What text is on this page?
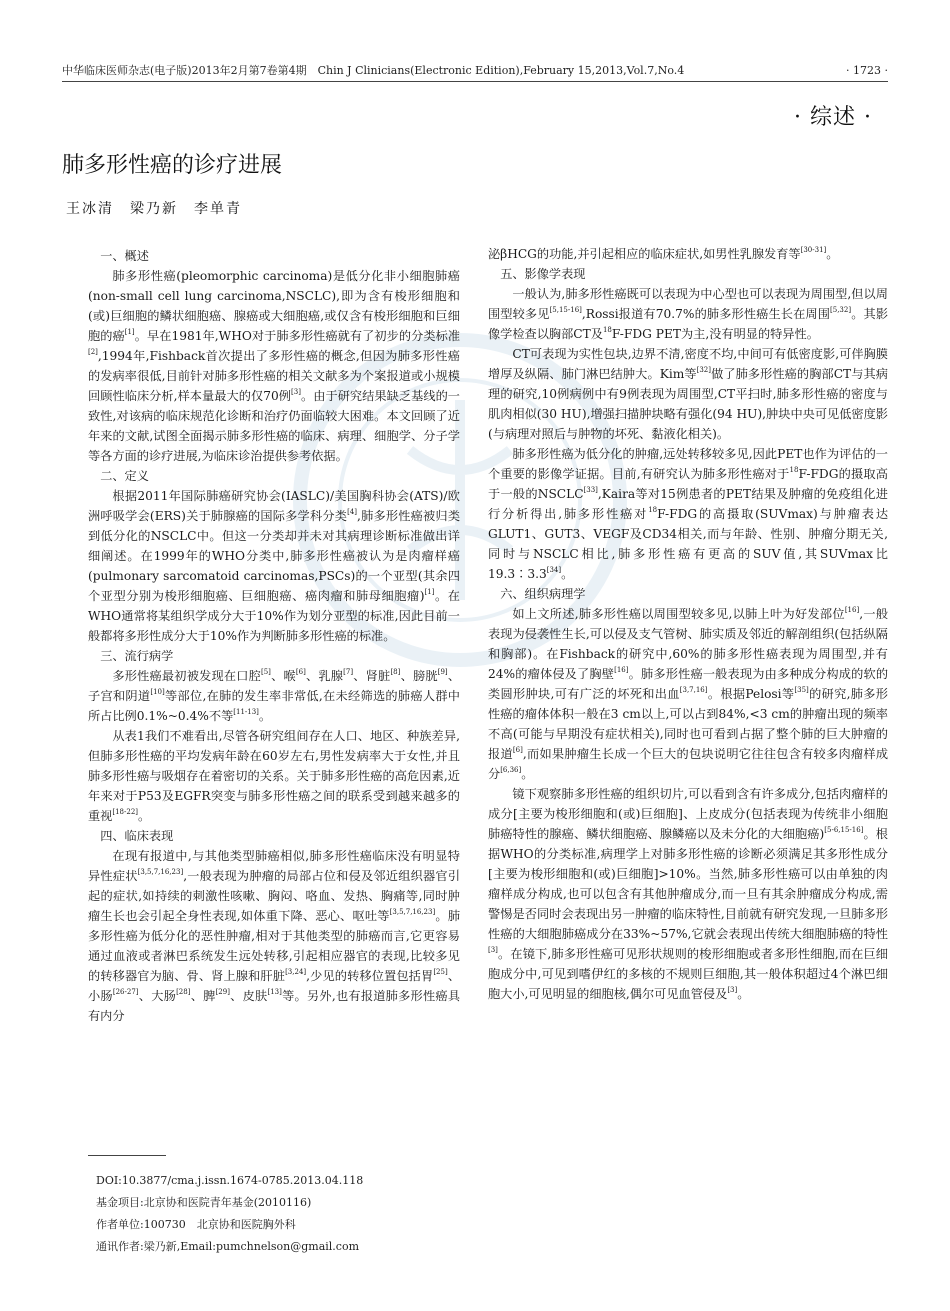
中华临床医师杂志(电子版)2013年2月第7卷第4期　Chin J Clinicians(Electronic Edition),February 15,2013,Vol.7,No.4	· 1723 ·
· 综述 ·
肺多形性癌的诊疗进展
王冰清　梁乃新　李单青

一、概述

肺多形性癌(pleomorphic carcinoma)是低分化非小细胞肺癌(non-small cell lung carcinoma,NSCLC),即为含有梭形细胞和(或)巨细胞的鳞状细胞癌、腺癌或大细胞癌,或仅含有梭形细胞和巨细胞的癌[1]。早在1981年,WHO对于肺多形性癌就有了初步的分类标准[2],1994年,Fishback首次提出了多形性癌的概念,但因为肺多形性癌的发病率很低,目前针对肺多形性癌的相关文献多为个案报道或小规模回顾性临床分析,样本量最大的仅70例[3]。由于研究结果缺乏基线的一致性,对该病的临床规范化诊断和治疗仍面临较大困难。本文回顾了近年来的文献,试图全面揭示肺多形性癌的临床、病理、细胞学、分子学等各方面的诊疗进展,为临床诊治提供参考依据。

二、定义

根据2011年国际肺癌研究协会(IASLC)/美国胸科协会(ATS)/欧洲呼吸学会(ERS)关于肺腺癌的国际多学科分类[4],肺多形性癌被归类到低分化的NSCLC中。但这一分类却并未对其病理诊断标准做出详细阐述。在1999年的WHO分类中,肺多形性癌被认为是肉瘤样癌(pulmonary sarcomatoid carcinomas,PSCs)的一个亚型(其余四个亚型分别为梭形细胞癌、巨细胞癌、癌肉瘤和肺母细胞瘤)[1]。在WHO通常将某组织学成分大于10%作为划分亚型的标准,因此目前一般都将多形性成分大于10%作为判断肺多形性癌的标准。

三、流行病学

多形性癌最初被发现在口腔[5]、喉[6]、乳腺[7]、肾脏[8]、膀胱[9]、子宫和阴道[10]等部位,在肺的发生率非常低,在未经筛选的肺癌人群中所占比例0.1%~0.4%不等[11-13]。

从表1我们不难看出,尽管各研究组间存在人口、地区、种族差异,但肺多形性癌的平均发病年龄在60岁左右,男性发病率大于女性,并且肺多形性癌与吸烟存在着密切的关系。关于肺多形性癌的高危因素,近年来对于P53及EGFR突变与肺多形性癌之间的联系受到越来越多的重视[18-22]。

四、临床表现

在现有报道中,与其他类型肺癌相似,肺多形性癌临床没有明显特异性症状[3,5,7,16,23],一般表现为肿瘤的局部占位和侵及邻近组织器官引起的症状,如持续的刺激性咳嗽、胸闷、咯血、发热、胸痛等,同时肿瘤生长也会引起全身性表现,如体重下降、恶心、呕吐等[3,5,7,16,23]。肺多形性癌为低分化的恶性肿瘤,相对于其他类型的肺癌而言,它更容易通过血液或者淋巴系统发生远处转移,引起相应器官的表现,比较多见的转移器官为脑、骨、肾上腺和肝脏[3,24],少见的转移位置包括胃[25]、小肠[26-27]、大肠[28]、脾[29]、皮肤[13]等。另外,也有报道肺多形性癌具有内分

泌βHCG的功能,并引起相应的临床症状,如男性乳腺发育等[30-31]。

五、影像学表现

一般认为,肺多形性癌既可以表现为中心型也可以表现为周围型,但以周围型较多见[5,15-16],Rossi报道有70.7%的肺多形性癌生长在周围[5,32]。其影像学检查以胸部CT及$^{18}$F-FDG PET为主,没有明显的特异性。

CT可表现为实性包块,边界不清,密度不均,中间可有低密度影,可伴胸膜增厚及纵隔、肺门淋巴结肿大。Kim等[32]做了肺多形性癌的胸部CT与其病理的研究,10例病例中有9例表现为周围型,CT平扫时,肺多形性癌的密度与肌肉相似(30 HU),增强扫描肿块略有强化(94 HU),肿块中央可见低密度影(与病理对照后与肿物的坏死、黏液化相关)。

肺多形性癌为低分化的肿瘤,远处转移较多见,因此PET也作为评估的一个重要的影像学证据。目前,有研究认为肺多形性癌对于$^{18}$F-FDG的摄取高于一般的NSCLC[33],Kaira等对15例患者的PET结果及肿瘤的免疫组化进行分析得出,肺多形性癌对$^{18}$F-FDG的高摄取(SUVmax)与肿瘤表达GLUT1、GUT3、VEGF及CD34相关,而与年龄、性别、肿瘤分期无关,同时与NSCLC相比,肺多形性癌有更高的SUV值,其SUVmax比19.3∶3.3[34]。

六、组织病理学

如上文所述,肺多形性癌以周围型较多见,以肺上叶为好发部位[16],一般表现为侵袭性生长,可以侵及支气管树、肺实质及邻近的解剖组织(包括纵隔和胸部)。在Fishback的研究中,60%的肺多形性癌表现为周围型,并有24%的瘤体侵及了胸壁[16]。肺多形性癌一般表现为由多种成分构成的软的类圆形肿块,可有广泛的坏死和出血[3,7,16]。根据Pelosi等[35]的研究,肺多形性癌的瘤体体积一般在3 cm以上,可以占到84%,<3 cm的肿瘤出现的频率不高(可能与早期没有症状相关),同时也可看到占据了整个肺的巨大肿瘤的报道[6],而如果肿瘤生长成一个巨大的包块说明它往往包含有较多肉瘤样成分[6,36]。

镜下观察肺多形性癌的组织切片,可以看到含有许多成分,包括肉瘤样的成分[主要为梭形细胞和(或)巨细胞]、上皮成分(包括表现为传统非小细胞肺癌特性的腺癌、鳞状细胞癌、腺鳞癌以及未分化的大细胞癌)[5-6,15-16]。根据WHO的分类标准,病理学上对肺多形性癌的诊断必须满足其多形性成分[主要为梭形细胞和(或)巨细胞]>10%。当然,肺多形性癌可以由单独的肉瘤样成分构成,也可以包含有其他肿瘤成分,而一旦有其余肿瘤成分构成,需警惕是否同时会表现出另一肿瘤的临床特性,目前就有研究发现,一旦肺多形性癌的大细胞肺癌成分在33%~57%,它就会表现出传统大细胞肺癌的特性[3]。在镜下,肺多形性癌可见形状规则的梭形细胞或者多形性细胞,而在巨细胞成分中,可见到嗜伊红的多核的不规则巨细胞,其一般体积超过4个淋巴细胞大小,可见明显的细胞核,偶尔可见血管侵及[3]。

DOI:10.3877/cma.j.issn.1674-0785.2013.04.118
基金项目:北京协和医院青年基金(2010116)
作者单位:100730　北京协和医院胸外科
通讯作者:梁乃新,Email:pumchnelson@gmail.com
